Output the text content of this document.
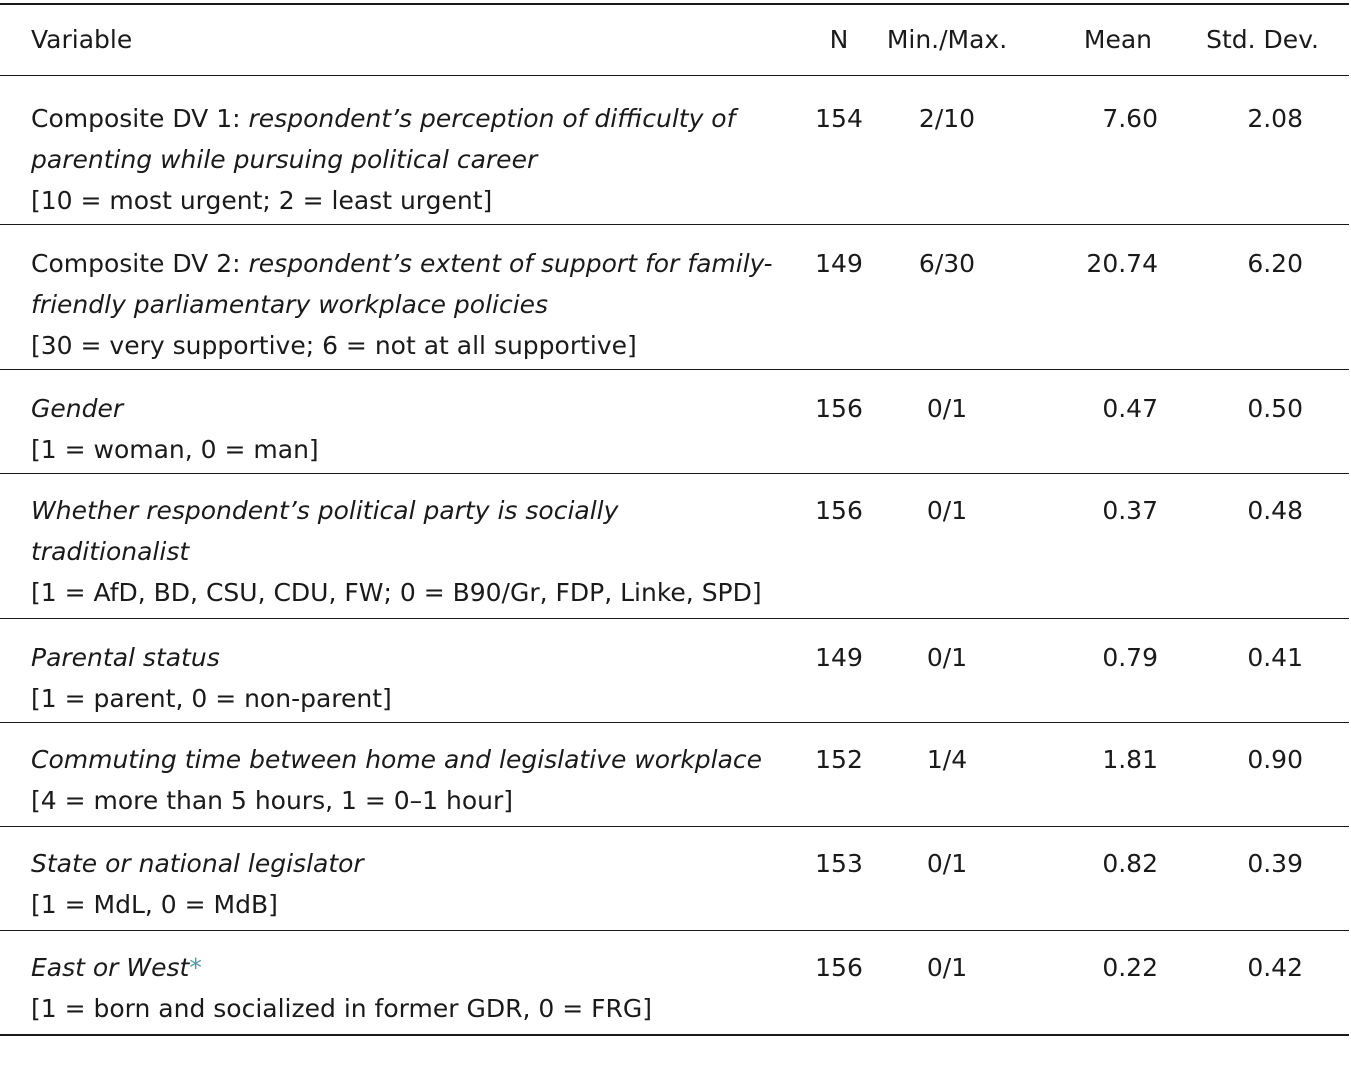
Variable	N	Min./Max.	Mean	Std. Dev.

Composite DV 1: respondent’s perception of difficulty of parenting while pursuing political career
[10 = most urgent; 2 = least urgent]	154	2/10	7.60	2.08

Composite DV 2: respondent’s extent of support for family-friendly parliamentary workplace policies
[30 = very supportive; 6 = not at all supportive]	149	6/30	20.74	6.20

Gender
[1 = woman, 0 = man]	156	0/1	0.47	0.50

Whether respondent’s political party is socially traditionalist
[1 = AfD, BD, CSU, CDU, FW; 0 = B90/Gr, FDP, Linke, SPD]	156	0/1	0.37	0.48

Parental status
[1 = parent, 0 = non-parent]	149	0/1	0.79	0.41

Commuting time between home and legislative workplace
[4 = more than 5 hours, 1 = 0–1 hour]	152	1/4	1.81	0.90

State or national legislator
[1 = MdL, 0 = MdB]	153	0/1	0.82	0.39

East or West*
[1 = born and socialized in former GDR, 0 = FRG]	156	0/1	0.22	0.42
